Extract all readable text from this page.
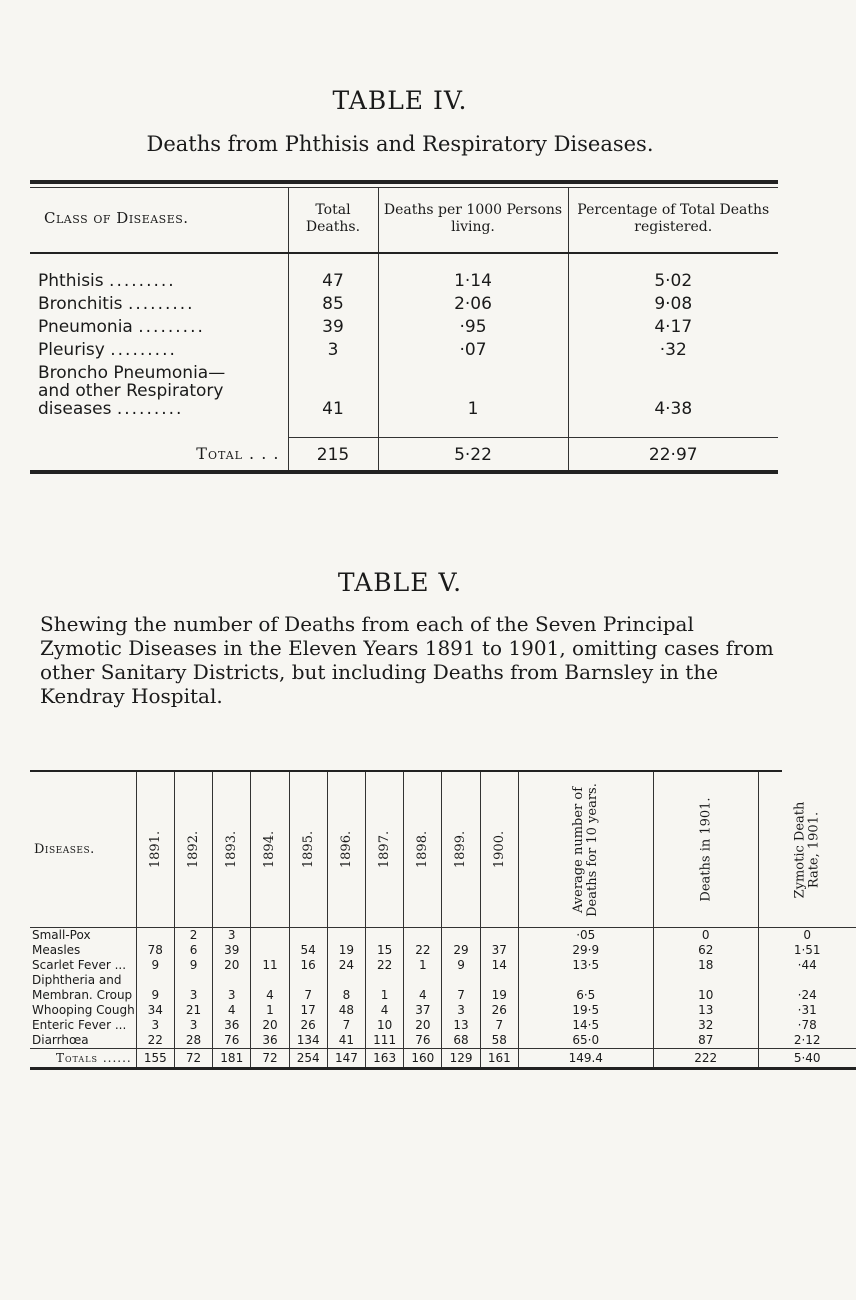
TABLE IV.
Deaths from Phthisis and Respiratory Diseases.
Class of Diseases.	Total Deaths.	Deaths per 1000 Persons living.	Percentage of Total Deaths registered.

Phthisis .........	47	1·14	5·02
Bronchitis .........	85	2·06	9·08
Pneumonia .........	39	·95	4·17
Pleurisy .........	3	·07	·32

Broncho Pneumonia—
and other Respiratory
diseases .........	41	1	4·38

Total . . .	215	5·22	22·97
TABLE V.
Shewing the number of Deaths from each of the Seven Principal Zymotic Diseases in the Eleven Years 1891 to 1901, omitting cases from other Sanitary Districts, but including Deaths from Barnsley in the Kendray Hospital.
Diseases.	1891.	1892.	1893.	1894.	1895.	1896.	1897.	1898.	1899.	1900.	Average number of
Deaths for 10 years.	Deaths in 1901.	Zymotic Death
Rate, 1901.
Small-Pox		2	3								·05	0	0
Measles	78	6	39		54	19	15	22	29	37	29·9	62	1·51
Scarlet Fever ...	9	9	20	11	16	24	22	1	9	14	13·5	18	·44
Diphtheria and													
Membran. Croup	9	3	3	4	7	8	1	4	7	19	6·5	10	·24
Whooping Cough	34	21	4	1	17	48	4	37	3	26	19·5	13	·31
Enteric Fever ...	3	3	36	20	26	7	10	20	13	7	14·5	32	·78
Diarrhœa	22	28	76	36	134	41	111	76	68	58	65·0	87	2·12
Totals ......	155	72	181	72	254	147	163	160	129	161	149.4	222	5·40
